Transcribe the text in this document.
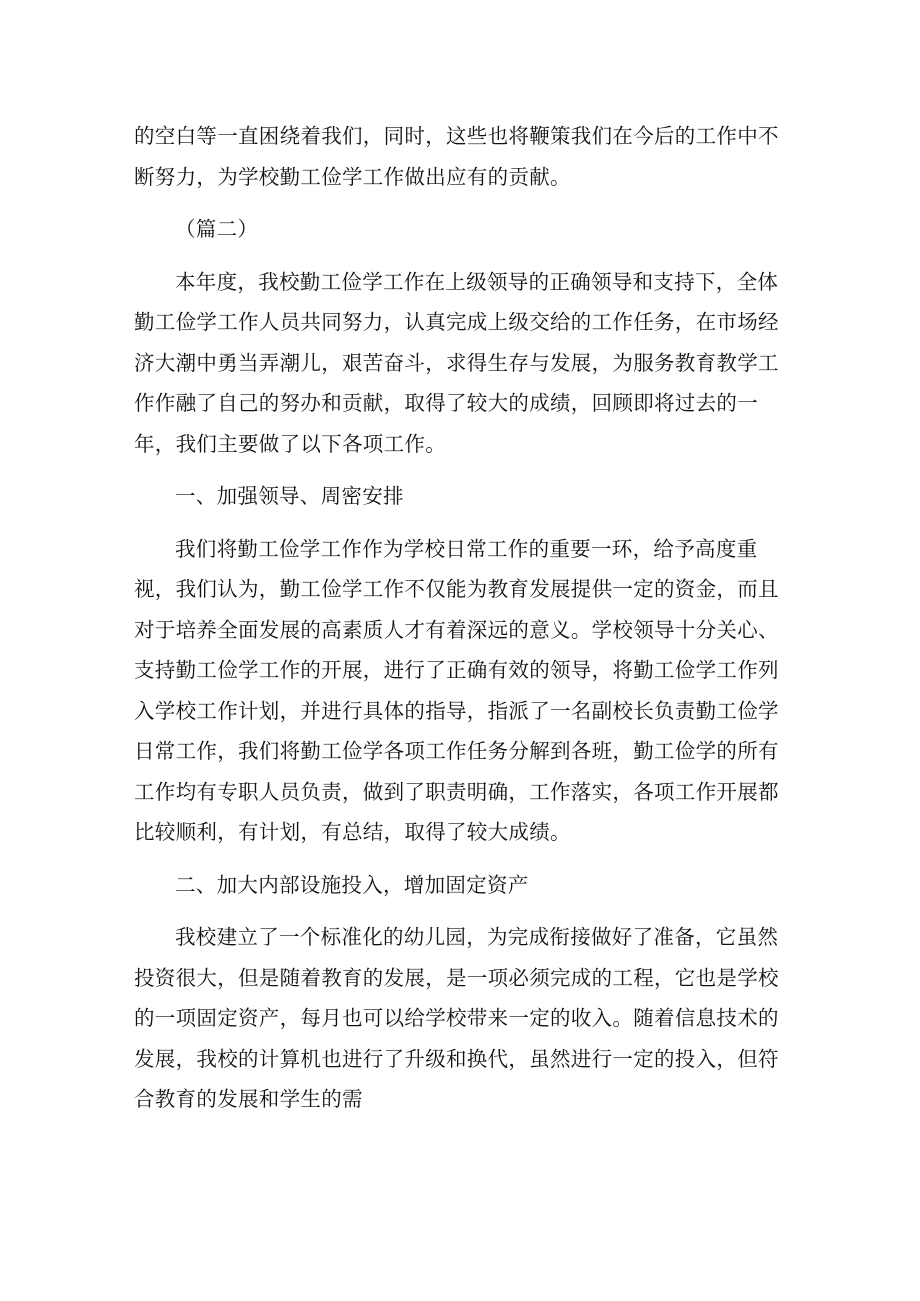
的空白等一直困绕着我们，同时，这些也将鞭策我们在今后的工作中不断努力，为学校勤工俭学工作做出应有的贡献。

（篇二）

本年度，我校勤工俭学工作在上级领导的正确领导和支持下，全体勤工俭学工作人员共同努力，认真完成上级交给的工作任务，在市场经济大潮中勇当弄潮儿，艰苦奋斗，求得生存与发展，为服务教育教学工作作融了自己的努办和贡献，取得了较大的成绩，回顾即将过去的一年，我们主要做了以下各项工作。

一、加强领导、周密安排

我们将勤工俭学工作作为学校日常工作的重要一环，给予高度重视，我们认为，勤工俭学工作不仅能为教育发展提供一定的资金，而且对于培养全面发展的高素质人才有着深远的意义。学校领导十分关心、支持勤工俭学工作的开展，进行了正确有效的领导，将勤工俭学工作列入学校工作计划，并进行具体的指导，指派了一名副校长负责勤工俭学日常工作，我们将勤工俭学各项工作任务分解到各班，勤工俭学的所有工作均有专职人员负责，做到了职责明确，工作落实，各项工作开展都比较顺利，有计划，有总结，取得了较大成绩。

二、加大内部设施投入，增加固定资产

我校建立了一个标准化的幼儿园，为完成衔接做好了准备，它虽然投资很大，但是随着教育的发展，是一项必须完成的工程，它也是学校的一项固定资产，每月也可以给学校带来一定的收入。随着信息技术的发展，我校的计算机也进行了升级和换代，虽然进行一定的投入，但符合教育的发展和学生的需
